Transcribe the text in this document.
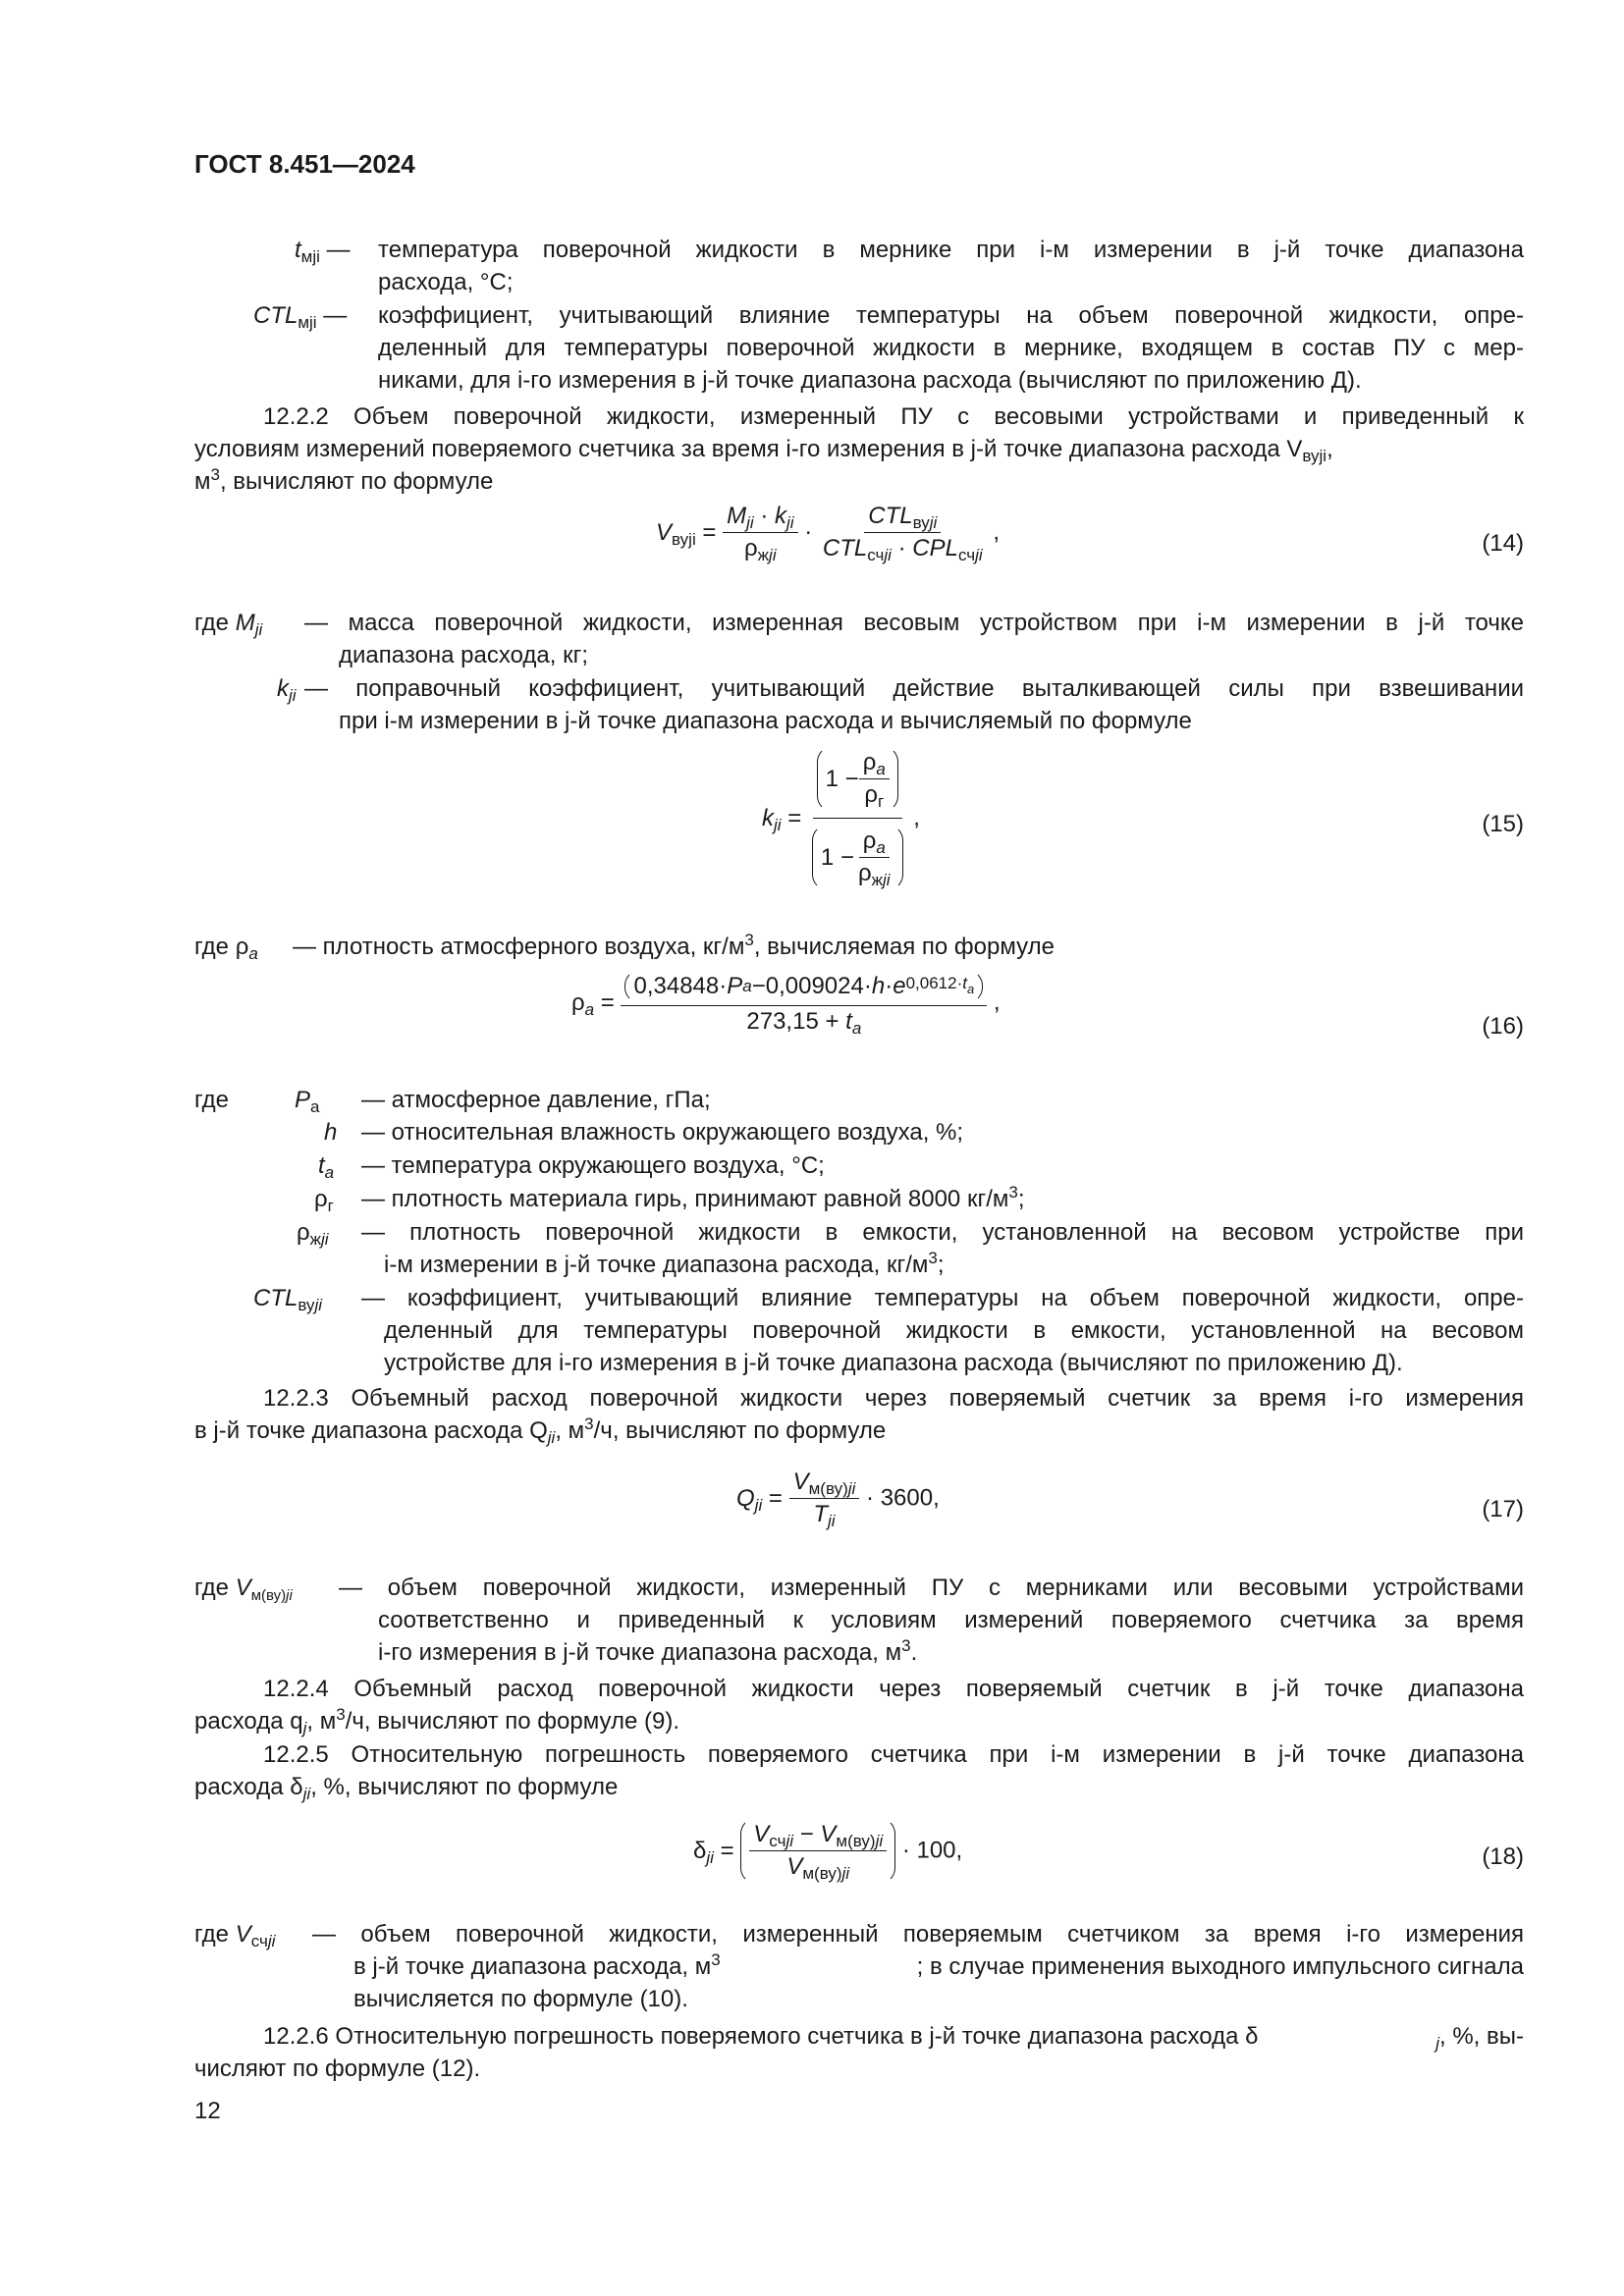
ГОСТ 8.451—2024
$t_{мji}$ — температура поверочной жидкости в мернике при i-м измерении в j-й точке диапазона
расхода, °С;
$CTL_{мji}$ — коэффициент, учитывающий влияние температуры на объем поверочной жидкости, опре-
деленный для температуры поверочной жидкости в мернике, входящем в состав ПУ с мер-
никами, для i-го измерения в j-й точке диапазона расхода (вычисляют по приложению Д).
12.2.2 Объем поверочной жидкости, измеренный ПУ с весовыми устройствами и приведенный к
условиям измерений поверяемого счетчика за время i-го измерения в j-й точке диапазона расхода $V_{вуji}$,
$м^3$, вычисляют по формуле
$V_{вуji} = \frac{M_{ji} \cdot k_{ji}}{\rho_{жji}} \cdot \frac{CTL_{вуji}}{CTL_{счji} \cdot CPL_{счji}}$ ,	(14)
где $M_{ji}$ — масса поверочной жидкости, измеренная весовым устройством при i-м измерении в j-й точке
диапазона расхода, кг;
$k_{ji}$ — поправочный коэффициент, учитывающий действие выталкивающей силы при взвешивании
при i-м измерении в j-й точке диапазона расхода и вычисляемый по формуле
$k_{ji} = \frac{1 - \frac{\rho_a}{\rho_г}}{1 - \frac{\rho_a}{\rho_{жji}}}$ ,	(15)
где $\rho_a$ — плотность атмосферного воздуха, $кг/м^3$, вычисляемая по формуле
$\rho_a = \frac{0,34848 \cdot P a - 0,009024 \cdot h \cdot e 0,0612\cdot t_a}{273,15 + t_a}$ ,
(16)
где	$P_a$ — атмосферное давление, гПа;
h — относительная влажность окружающего воздуха, %;
$t_a$ — температура окружающего воздуха, °С;
$\rho_г$ — плотность материала гирь, принимают равной 8000 $кг/м^3$;
$\rho_{жji}$ — плотность поверочной жидкости в емкости, установленной на весовом устройстве при
i-м измерении в j-й точке диапазона расхода, $кг/м^3$;
$CTL_{вуji}$ — коэффициент, учитывающий влияние температуры на объем поверочной жидкости, опре-
деленный для температуры поверочной жидкости в емкости, установленной на весовом
устройстве для i-го измерения в j-й точке диапазона расхода (вычисляют по приложению Д).
12.2.3 Объемный расход поверочной жидкости через поверяемый счетчик за время i-го измерения
в j-й точке диапазона расхода $Q_{ji}$, $м^3/ч$, вычисляют по формуле
$Q_{ji} = \frac{V_{м(ву)ji}}{T_{ji}} \cdot 3600$,	(17)
где $V_{м(ву)ji}$ — объем поверочной жидкости, измеренный ПУ с мерниками или весовыми устройствами
соответственно и приведенный к условиям измерений поверяемого счетчика за время
i-го измерения в j-й точке диапазона расхода, $м^3$.
12.2.4 Объемный расход поверочной жидкости через поверяемый счетчик в j-й точке диапазона
расхода $q_j$, $м^3/ч$, вычисляют по формуле (9).
12.2.5 Относительную погрешность поверяемого счетчика при i-м измерении в j-й точке диапазона
расхода $\delta_{ji}$, %, вычисляют по формуле
$\delta_{ji} = \frac{V_{счji} - V_{м(ву)ji}}{V_{м(ву)ji}} \cdot 100$,	(18)
где $V_{счji}$ — объем поверочной жидкости, измеренный поверяемым счетчиком за время i-го измерения
в j-й точке диапазона расхода, $м^3$	; в случае применения выходного импульсного сигнала
вычисляется по формуле (10).
12.2.6 Относительную погрешность поверяемого счетчика в j-й точке диапазона расхода δ	$_j$, %, вы-
числяют по формуле (12).
12
